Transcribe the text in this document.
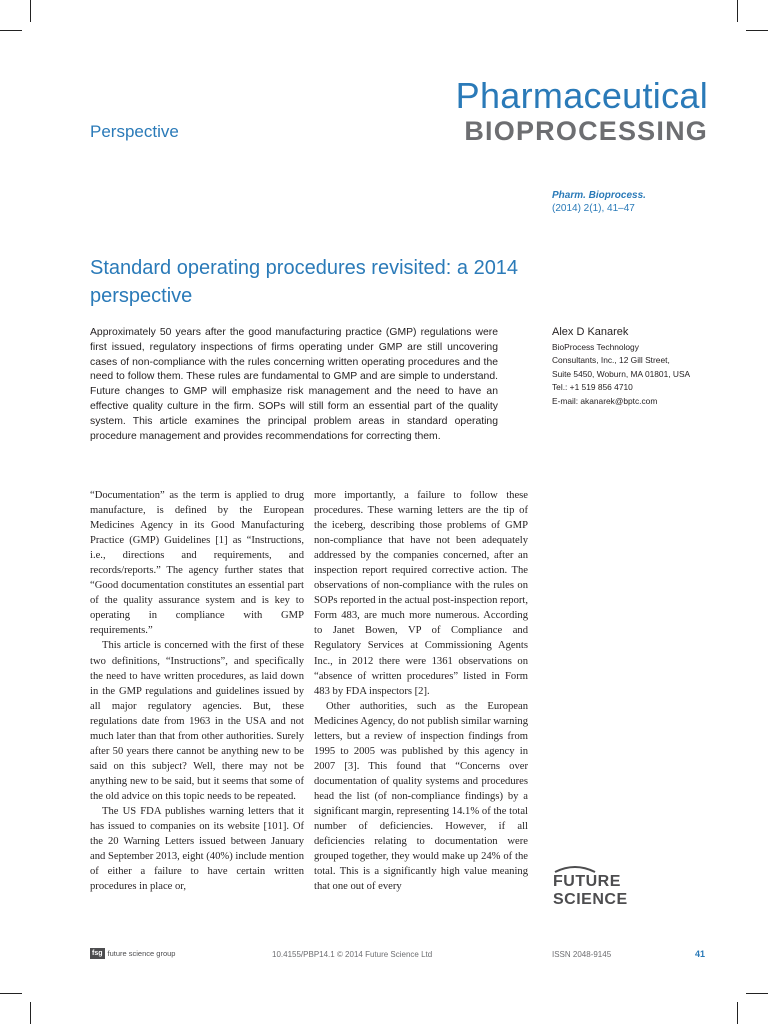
Pharmaceutical
BIOPROCESSING
Perspective
Pharm. Bioprocess.
(2014) 2(1), 41–47
Standard operating procedures revisited: a 2014 perspective

Approximately 50 years after the good manufacturing practice (GMP) regulations were first issued, regulatory inspections of firms operating under GMP are still uncovering cases of non-compliance with the rules concerning written operating procedures and the need to follow them. These rules are fundamental to GMP and are simple to understand. Future changes to GMP will emphasize risk management and the need to have an effective quality culture in the firm. SOPs will still form an essential part of the quality system. This article examines the principal problem areas in standard operating procedure management and provides recommendations for correcting them.

Alex D Kanarek
BioProcess Technology
Consultants, Inc., 12 Gill Street,
Suite 5450, Woburn, MA 01801, USA
Tel.: +1 519 856 4710
E-mail: akanarek@bptc.com

“Documentation” as the term is applied to drug manufacture, is defined by the European Medicines Agency in its Good Manufacturing Practice (GMP) Guidelines [1] as “Instructions, i.e., directions and requirements, and records/reports.” The agency further states that “Good documentation constitutes an essential part of the quality assurance system and is key to operating in compliance with GMP requirements.”

This article is concerned with the first of these two definitions, “Instructions”, and specifically the need to have written procedures, as laid down in the GMP regulations and guidelines issued by all major regulatory agencies. But, these regulations date from 1963 in the USA and not much later than that from other authorities. Surely after 50 years there cannot be anything new to be said on this subject? Well, there may not be anything new to be said, but it seems that some of the old advice on this topic needs to be repeated.

The US FDA publishes warning letters that it has issued to companies on its website [101]. Of the 20 Warning Letters issued between January and September 2013, eight (40%) include mention of either a failure to have certain written procedures in place or,

more importantly, a failure to follow these procedures. These warning letters are the tip of the iceberg, describing those problems of GMP non-compliance that have not been adequately addressed by the companies concerned, after an inspection report required corrective action. The observations of non-compliance with the rules on SOPs reported in the actual post-inspection report, Form 483, are much more numerous. According to Janet Bowen, VP of Compliance and Regulatory Services at Commissioning Agents Inc., in 2012 there were 1361 observations on “absence of written procedures” listed in Form 483 by FDA inspectors [2].

Other authorities, such as the European Medicines Agency, do not publish similar warning letters, but a review of inspection findings from 1995 to 2005 was published by this agency in 2007 [3]. This found that “Concerns over documentation of quality systems and procedures head the list (of non-compliance findings) by a significant margin, representing 14.1% of the total number of deficiencies. However, if all deficiencies relating to documentation were grouped together, they would make up 24% of the total. This is a significantly high value meaning that one out of every	FUTURE
SCIENCE
fsg future science group	10.4155/PBP14.1 © 2014 Future Science Ltd	ISSN 2048-9145	41
